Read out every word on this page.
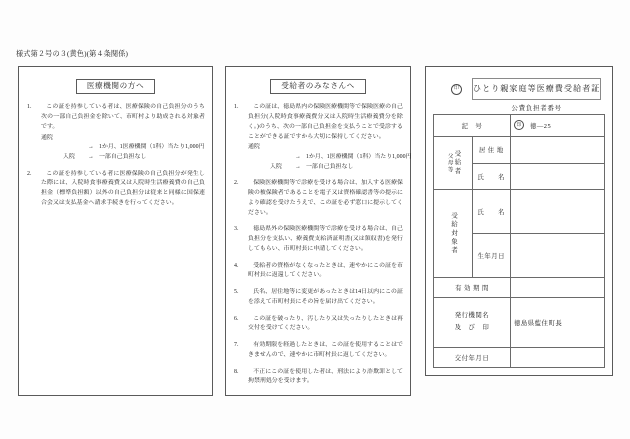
様式第２号の３(黄色)(第４条関係)
医療機関の方へ
この証を持参している者は、医療保険の自己負担分のうち次の一部自己負担金を除いて、市町村より助成される対象者です。
通院
→ 1か月、1医療機関（1科）当たり1,000円
入院 → 一部自己負担なし
この証を持参している者に医療保険の自己負担分が発生した際には、入院時食事療養費又は入院時生活療養費の自己負担金（標準負担額）以外の自己負担分は従来と同様に国保連合会又は支払基金へ請求手続きを行ってください。
受給者のみなさんへ
この証は、徳島県内の保険医療機関等で保険医療の自己負担分(入院時食事療養費分又は入院時生活療養費分を除く。)のうち、次の一部自己負担金を支払うことで受診することができる証ですから大切に保持してください。
通院
→ 1か月、1医療機関（1科）当たり1,000円
入院 → 一部自己負担なし
保険医療機関等で診療を受ける場合は、加入する医療保険の被保険者であることを電子又は資格確認書等の提示により確認を受けたうえで、この証を必ず窓口に提示してください。
徳島県外の保険医療機関等で診療を受ける場合は、自己負担分を支払い、療養費支給済証明書(又は領収書)を発行してもらい、市町村長に申請してください。
受給者の資格がなくなったときは、速やかにこの証を市町村長に返還してください。
氏名、居住地等に変更があったときは14日以内にこの証を添えて市町村長にその旨を届け出てください。
この証を破ったり、汚したり又は失ったりしたときは再交付を受けてください。
有効期限を経過したときは、この証を使用することはできませんので、速やかに市町村長に返してください。
不正にこの証を使用した者は、刑法により詐欺罪として拘禁刑処分を受けます。
印	ひとり親家庭等医療費受給者証
公費負担者番号
記　号		印 徳―25

受給者
父母等	居 住 地	
	氏　　名	

受給対象者	氏　　名	
	生年月日	
有 効 期 間		

発行機関名
及　び　印		徳島県藍住町長
交付年月日		
